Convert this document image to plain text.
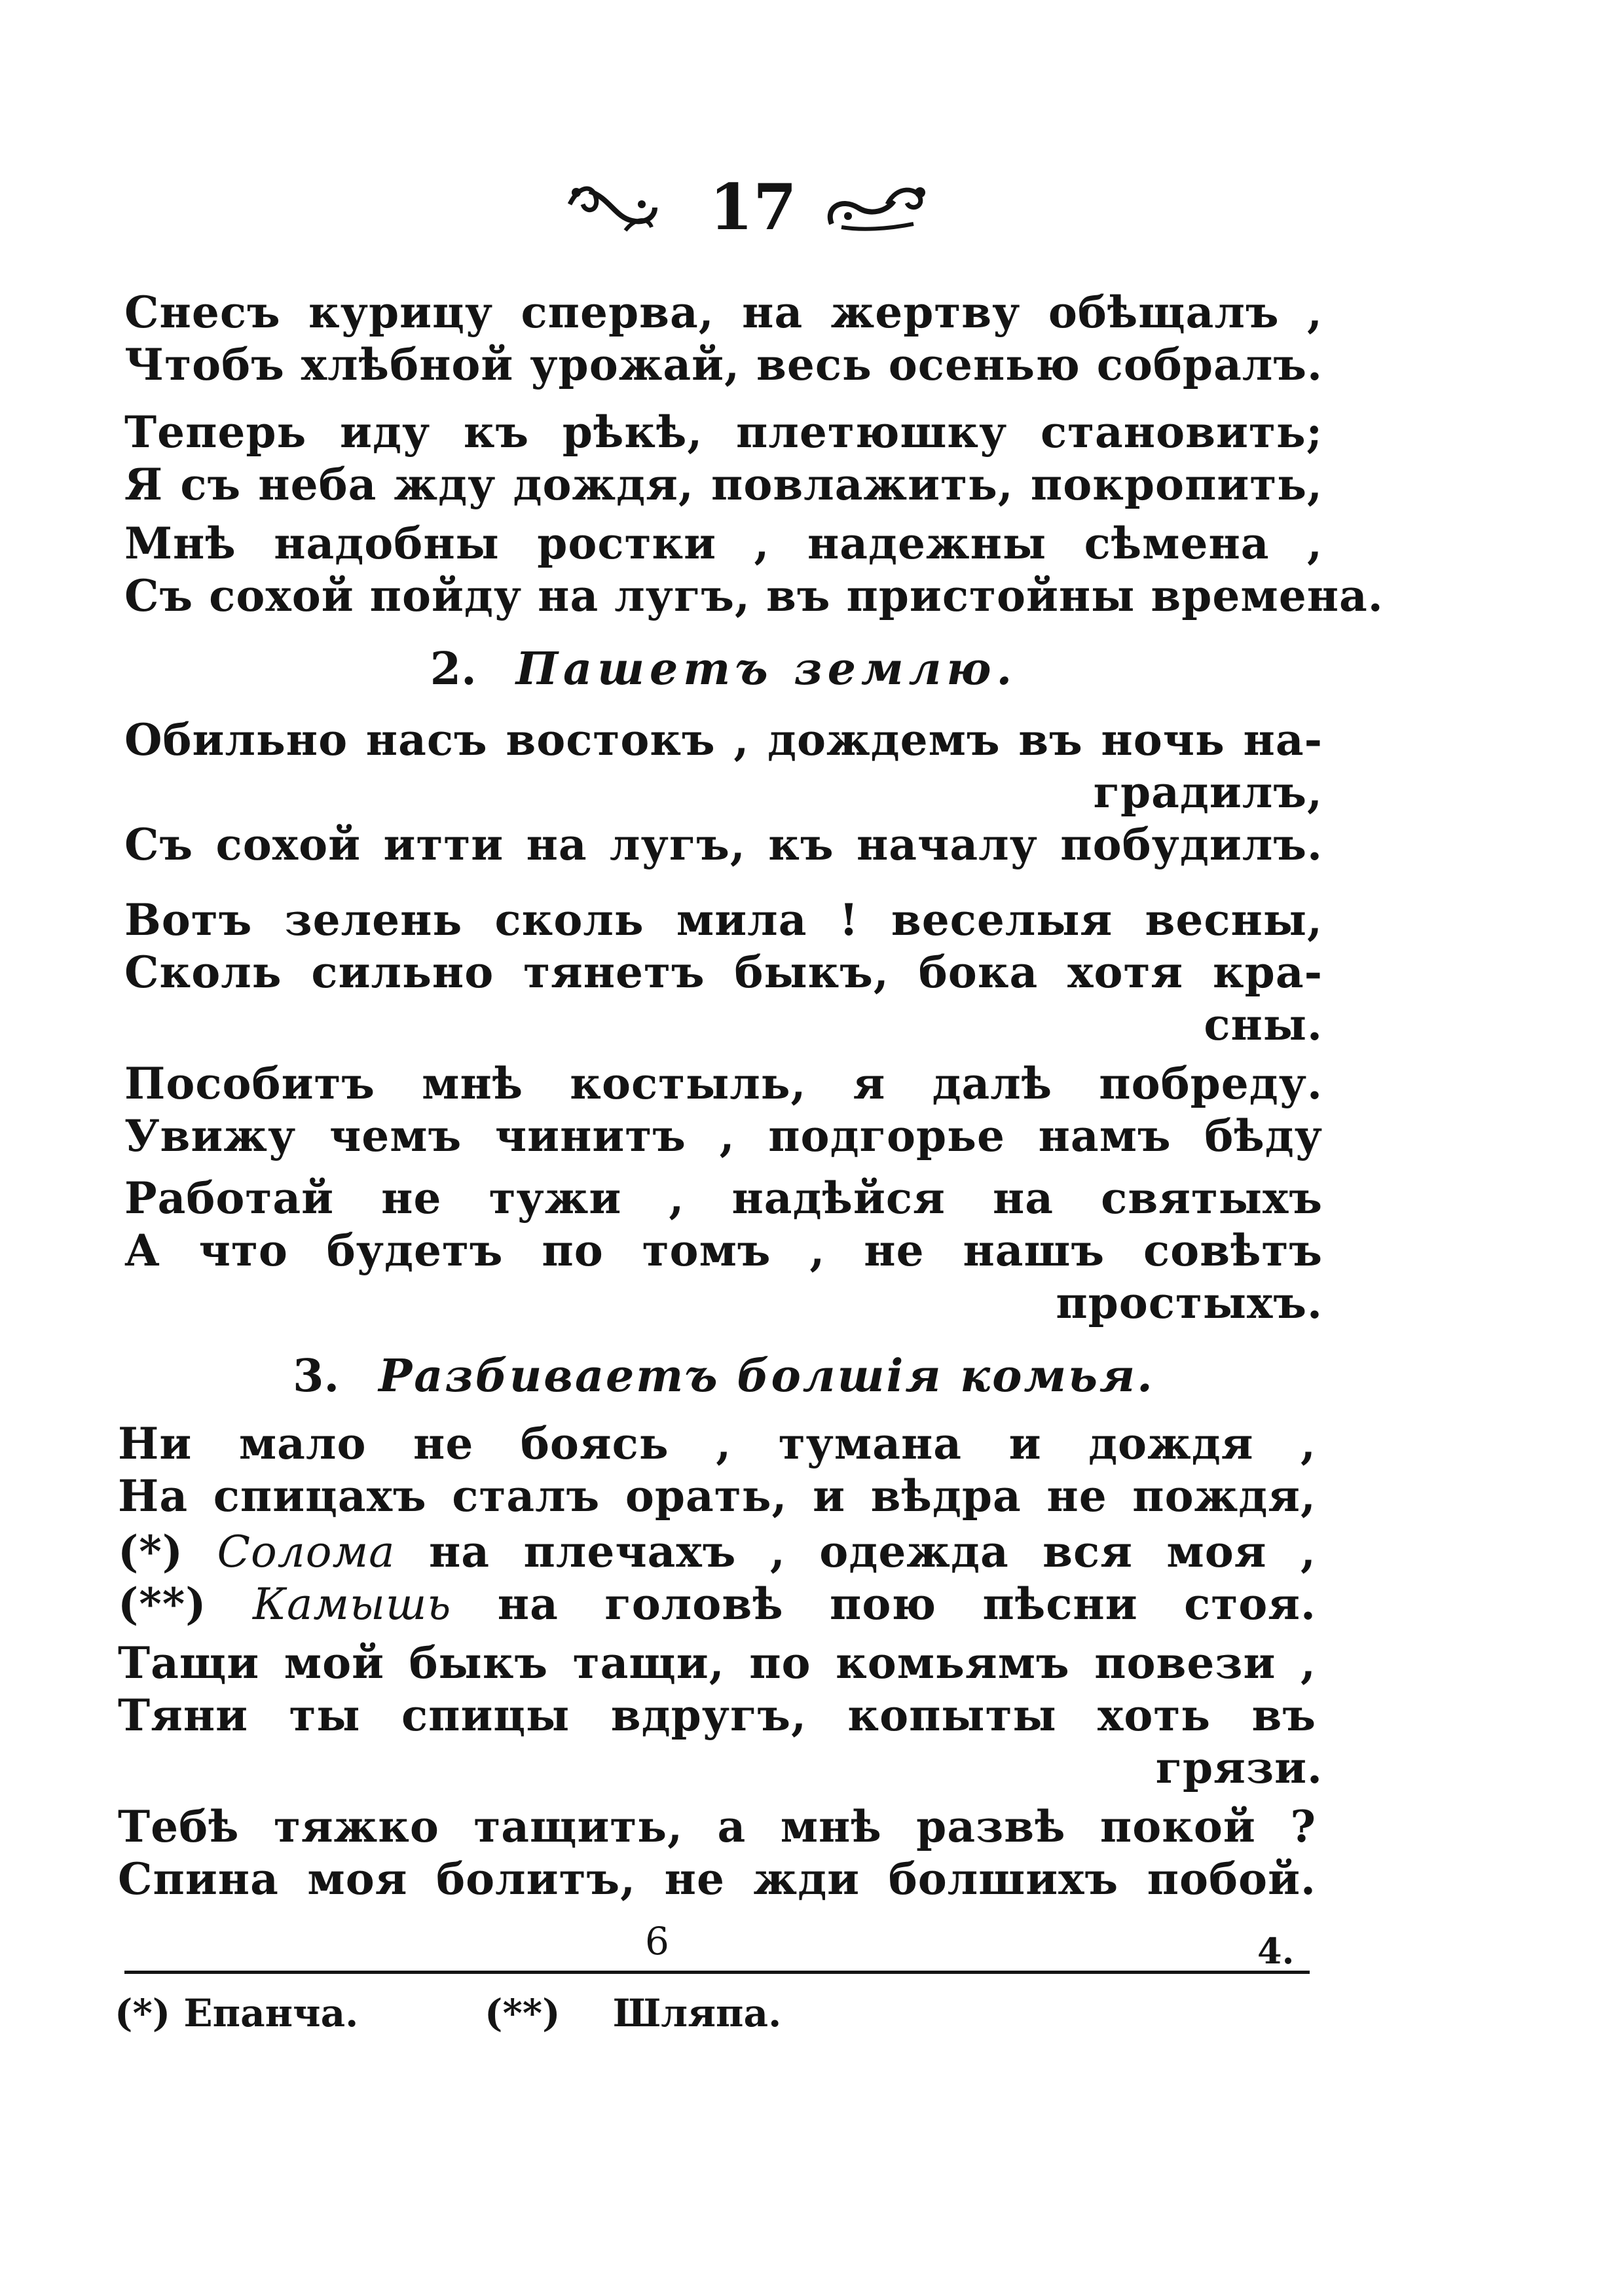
17
Снесъ курицу сперва, на жертву обѣщалъ ,
Чтобъ хлѣбной урожай, весь осенью собралъ.
Теперь иду къ рѣкѣ, плетюшку становить;
Я съ неба жду дождя, повлажить, покропить,
Мнѣ надобны ростки , надежны сѣмена ,
Съ сохой пойду на лугъ, въ пристойны времена.
2. Пашетъ землю.
Обильно насъ востокъ , дождемъ въ ночь на-
градилъ,
Съ сохой итти на лугъ, къ началу побудилъ.
Вотъ зелень сколь мила ! веселыя весны,
Сколь сильно тянетъ быкъ, бока хотя кра-
сны.
Пособитъ мнѣ костыль, я далѣ побреду.
Увижу чемъ чинитъ , подгорье намъ бѣду
Работай не тужи , надѣйся на святыхъ
А что будетъ по томъ , не нашъ совѣтъ
простыхъ.
3. Разбиваетъ болшія комья.
Ни мало не боясь , тумана и дождя ,
На спицахъ сталъ орать, и вѣдра не пождя,
(*) Солома на плечахъ , одежда вся моя ,
(**) Камышь на головѣ пою пѣсни стоя.
Тащи мой быкъ тащи, по комьямъ повези ,
Тяни ты спицы вдругъ, копыты хоть въ
грязи.
Тебѣ тяжко тащить, а мнѣ развѣ покой ?
Спина моя болитъ, не жди болшихъ побой.
6	4.
(*) Епанча.	(**) Шляпа.
